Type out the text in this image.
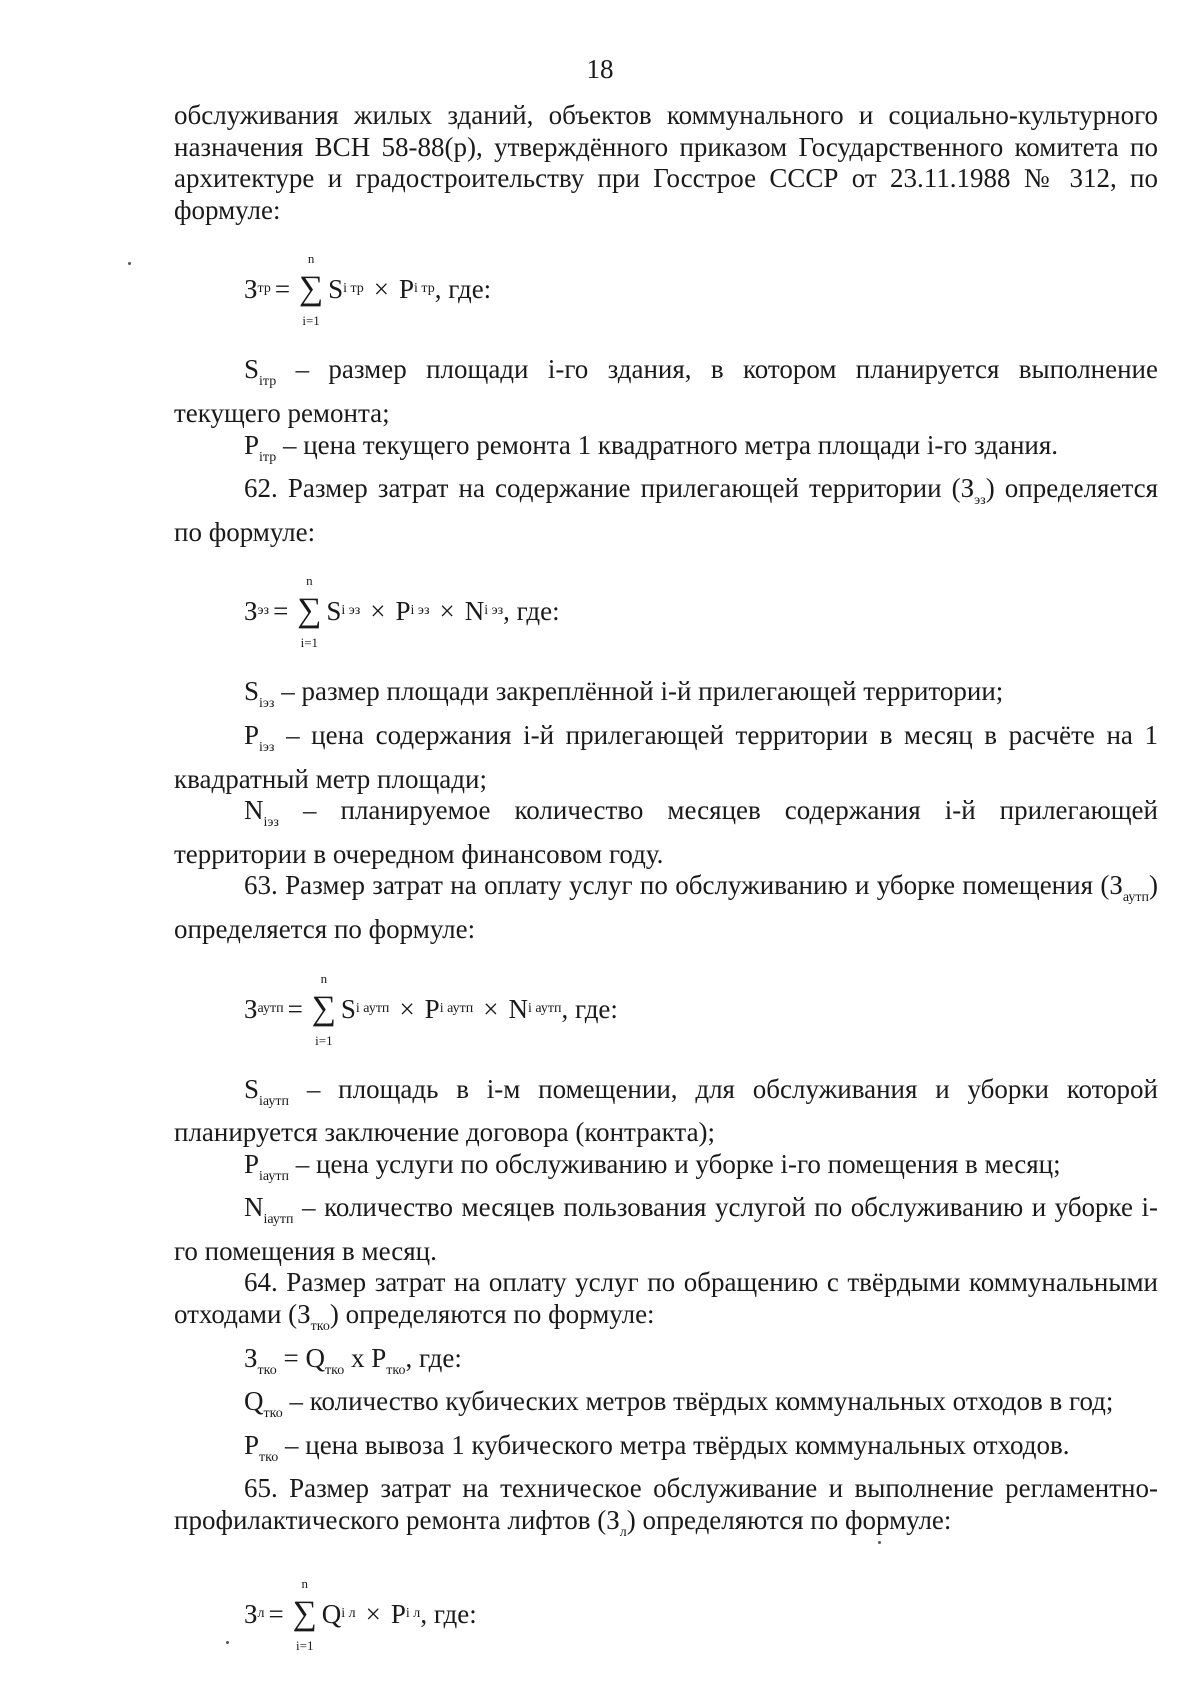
18

обслуживания жилых зданий, объектов коммунального и социально-культурного назначения ВСН 58-88(р), утверждённого приказом Государственного комитета по архитектуре и градостроительству при Госстрое СССР от 23.11.1988 № 312, по формуле:

З тр =
n
∑
i=1
S i тр × P i тр , где:

$S_{iтр}$ – размер площади i-го здания, в котором планируется выполнение текущего ремонта;

$P_{iтр}$ – цена текущего ремонта 1 квадратного метра площади i-го здания.

62. Размер затрат на содержание прилегающей территории $(З_{эз})$ определяется по формуле:

З эз =
n
∑
i=1
S i эз × P i эз × N i эз , где:

$S_{iэз}$ – размер площади закреплённой i-й прилегающей территории;

$P_{iэз}$ – цена содержания i-й прилегающей территории в месяц в расчёте на 1 квадратный метр площади;

$N_{iэз}$ – планируемое количество месяцев содержания i-й прилегающей территории в очередном финансовом году.

63. Размер затрат на оплату услуг по обслуживанию и уборке помещения $(З_{аутп})$ определяется по формуле:

З аутп =
n
∑
i=1
S i аутп × P i аутп × N i аутп , где:

$S_{iаутп}$ – площадь в i-м помещении, для обслуживания и уборки которой планируется заключение договора (контракта);

$P_{iаутп}$ – цена услуги по обслуживанию и уборке i-го помещения в месяц;

$N_{iаутп}$ – количество месяцев пользования услугой по обслуживанию и уборке i-го помещения в месяц.

64. Размер затрат на оплату услуг по обращению с твёрдыми коммунальными отходами $(З_{тко})$ определяются по формуле:

$З_{тко} = Q_{тко}$ x $P_{тко}$, где:

$Q_{тко}$ – количество кубических метров твёрдых коммунальных отходов в год;

$P_{тко}$ – цена вывоза 1 кубического метра твёрдых коммунальных отходов.

65. Размер затрат на техническое обслуживание и выполнение регламентно-профилактического ремонта лифтов $(З_л)$ определяются по формуле:

З л =
n
∑
i=1
Q i л × P i л , где:
